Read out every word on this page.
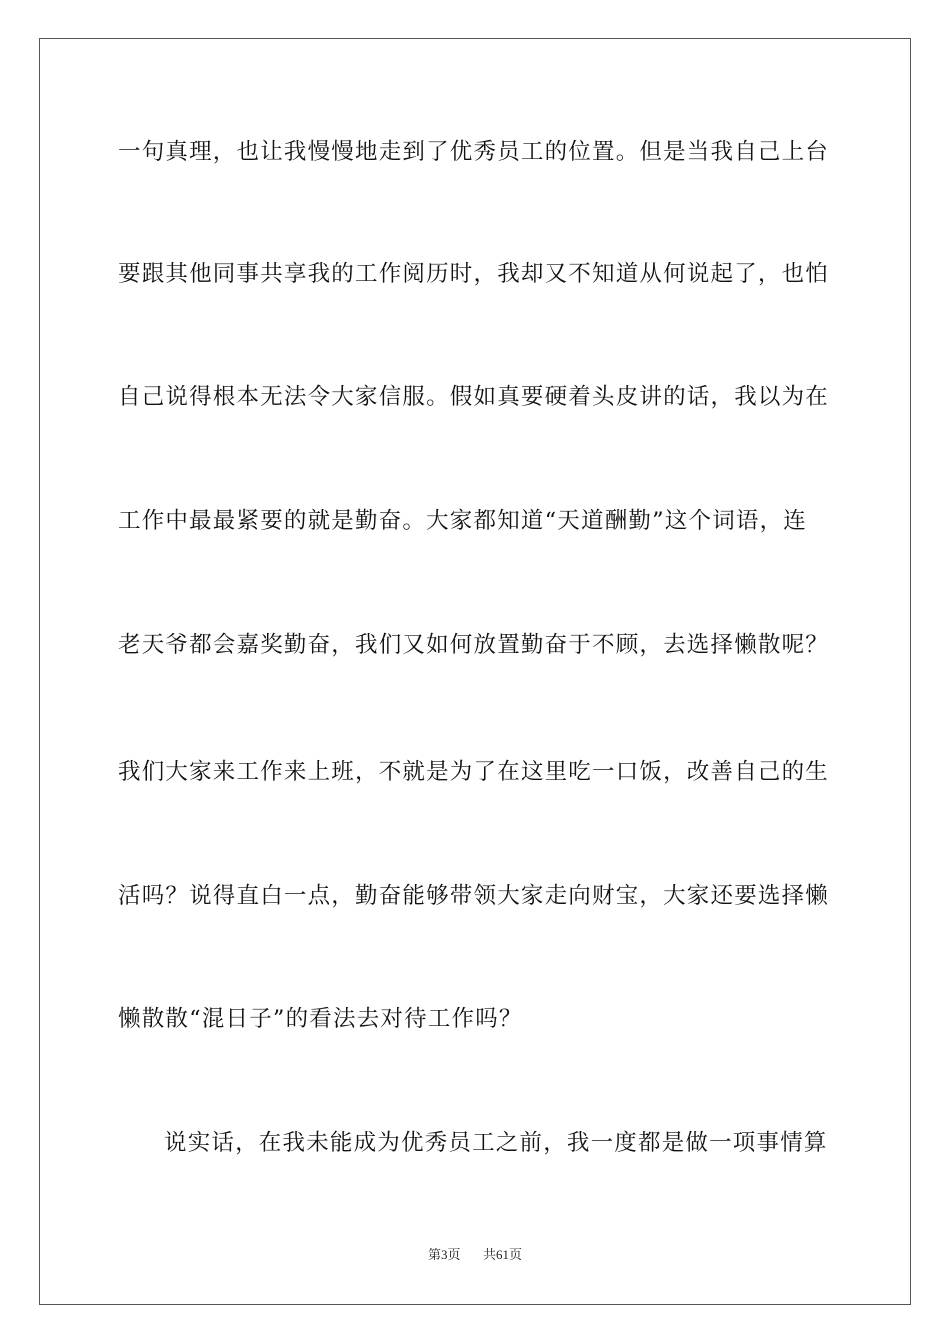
一句真理，也让我慢慢地走到了优秀员工的位置。但是当我自己上台
要跟其他同事共享我的工作阅历时，我却又不知道从何说起了，也怕
自己说得根本无法令大家信服。假如真要硬着头皮讲的话，我以为在
工作中最最紧要的就是勤奋。大家都知道“天道酬勤”这个词语，连
老天爷都会嘉奖勤奋，我们又如何放置勤奋于不顾，去选择懒散呢？
我们大家来工作来上班，不就是为了在这里吃一口饭，改善自己的生
活吗？说得直白一点，勤奋能够带领大家走向财宝，大家还要选择懒
懒散散“混日子”的看法去对待工作吗？
说实话，在我未能成为优秀员工之前，我一度都是做一项事情算
第3页 共61页
